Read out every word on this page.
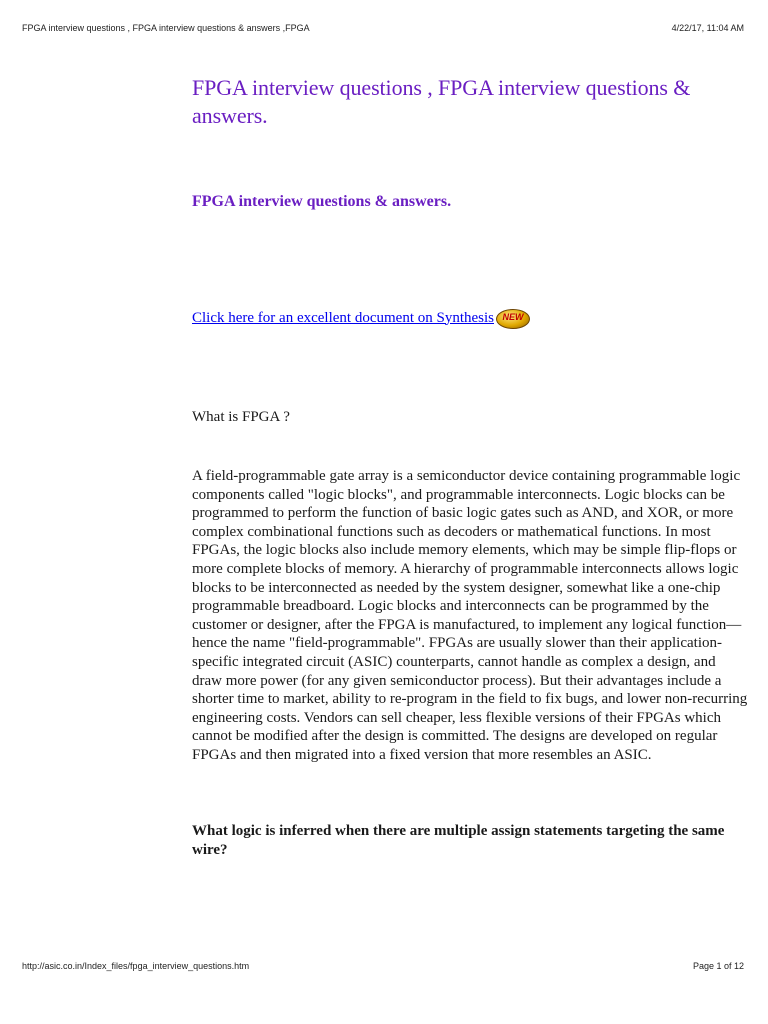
FPGA interview questions , FPGA interview questions & answers ,FPGA	4/22/17, 11:04 AM
FPGA interview questions , FPGA interview questions & answers.
FPGA interview questions & answers.
Click here for an excellent document on Synthesis NEW

What is FPGA ?

A field-programmable gate array is a semiconductor device containing programmable logic components called "logic blocks", and programmable interconnects. Logic blocks can be programmed to perform the function of basic logic gates such as AND, and XOR, or more complex combinational functions such as decoders or mathematical functions. In most FPGAs, the logic blocks also include memory elements, which may be simple flip-flops or more complete blocks of memory. A hierarchy of programmable interconnects allows logic blocks to be interconnected as needed by the system designer, somewhat like a one-chip programmable breadboard. Logic blocks and interconnects can be programmed by the customer or designer, after the FPGA is manufactured, to implement any logical function—hence the name "field-programmable". FPGAs are usually slower than their application-specific integrated circuit (ASIC) counterparts, cannot handle as complex a design, and draw more power (for any given semiconductor process). But their advantages include a shorter time to market, ability to re-program in the field to fix bugs, and lower non-recurring engineering costs. Vendors can sell cheaper, less flexible versions of their FPGAs which cannot be modified after the design is committed. The designs are developed on regular FPGAs and then migrated into a fixed version that more resembles an ASIC.

What logic is inferred when there are multiple assign statements targeting the same wire?

http://asic.co.in/Index_files/fpga_interview_questions.htm	Page 1 of 12
